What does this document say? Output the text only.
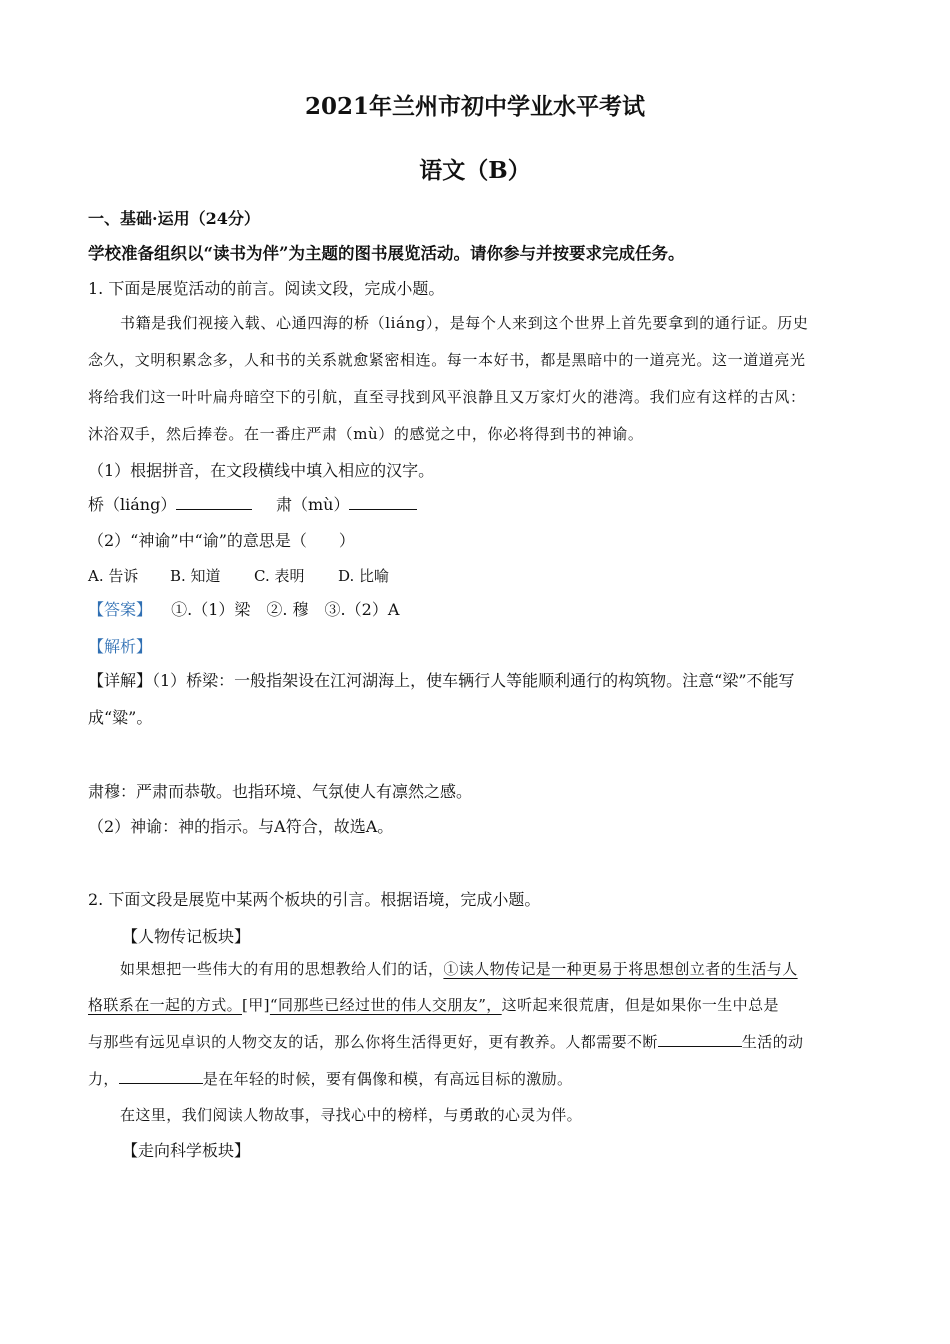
2021年兰州市初中学业水平考试
语文（B）
一、基础·运用（24分）
学校准备组织以“读书为伴”为主题的图书展览活动。请你参与并按要求完成任务。
1. 下面是展览活动的前言。阅读文段，完成小题。
书籍是我们视接入载、心通四海的桥（liáng），是每个人来到这个世界上首先要拿到的通行证。历史
念久，文明积累念多，人和书的关系就愈紧密相连。每一本好书，都是黑暗中的一道亮光。这一道道亮光
将给我们这一叶叶扁舟暗空下的引航，直至寻找到风平浪静且又万家灯火的港湾。我们应有这样的古风：
沐浴双手，然后捧卷。在一番庄严肃（mù）的感觉之中，你必将得到书的神谕。
（1）根据拼音，在文段横线中填入相应的汉字。
桥（liáng）	肃（mù）
（2）“神谕”中“谕”的意思是（　　）
A. 告诉 B. 知道 C. 表明 D. 比喻
【答案】 ①.（1）梁　②. 穆　③.（2）A
【解析】
【详解】（1）桥梁：一般指架设在江河湖海上，使车辆行人等能顺利通行的构筑物。注意“梁”不能写
成“粱”。
肃穆：严肃而恭敬。也指环境、气氛使人有凛然之感。
（2）神谕：神的指示。与A符合，故选A。
2. 下面文段是展览中某两个板块的引言。根据语境，完成小题。
【人物传记板块】
如果想把一些伟大的有用的思想教给人们的话，①读人物传记是一种更易于将思想创立者的生活与人
格联系在一起的方式。[甲]“同那些已经过世的伟人交朋友”，这听起来很荒唐，但是如果你一生中总是
与那些有远见卓识的人物交友的话，那么你将生活得更好，更有教养。人都需要不断	生活的动
力，	是在年轻的时候，要有偶像和模，有高远目标的激励。
在这里，我们阅读人物故事，寻找心中的榜样，与勇敢的心灵为伴。
【走向科学板块】
